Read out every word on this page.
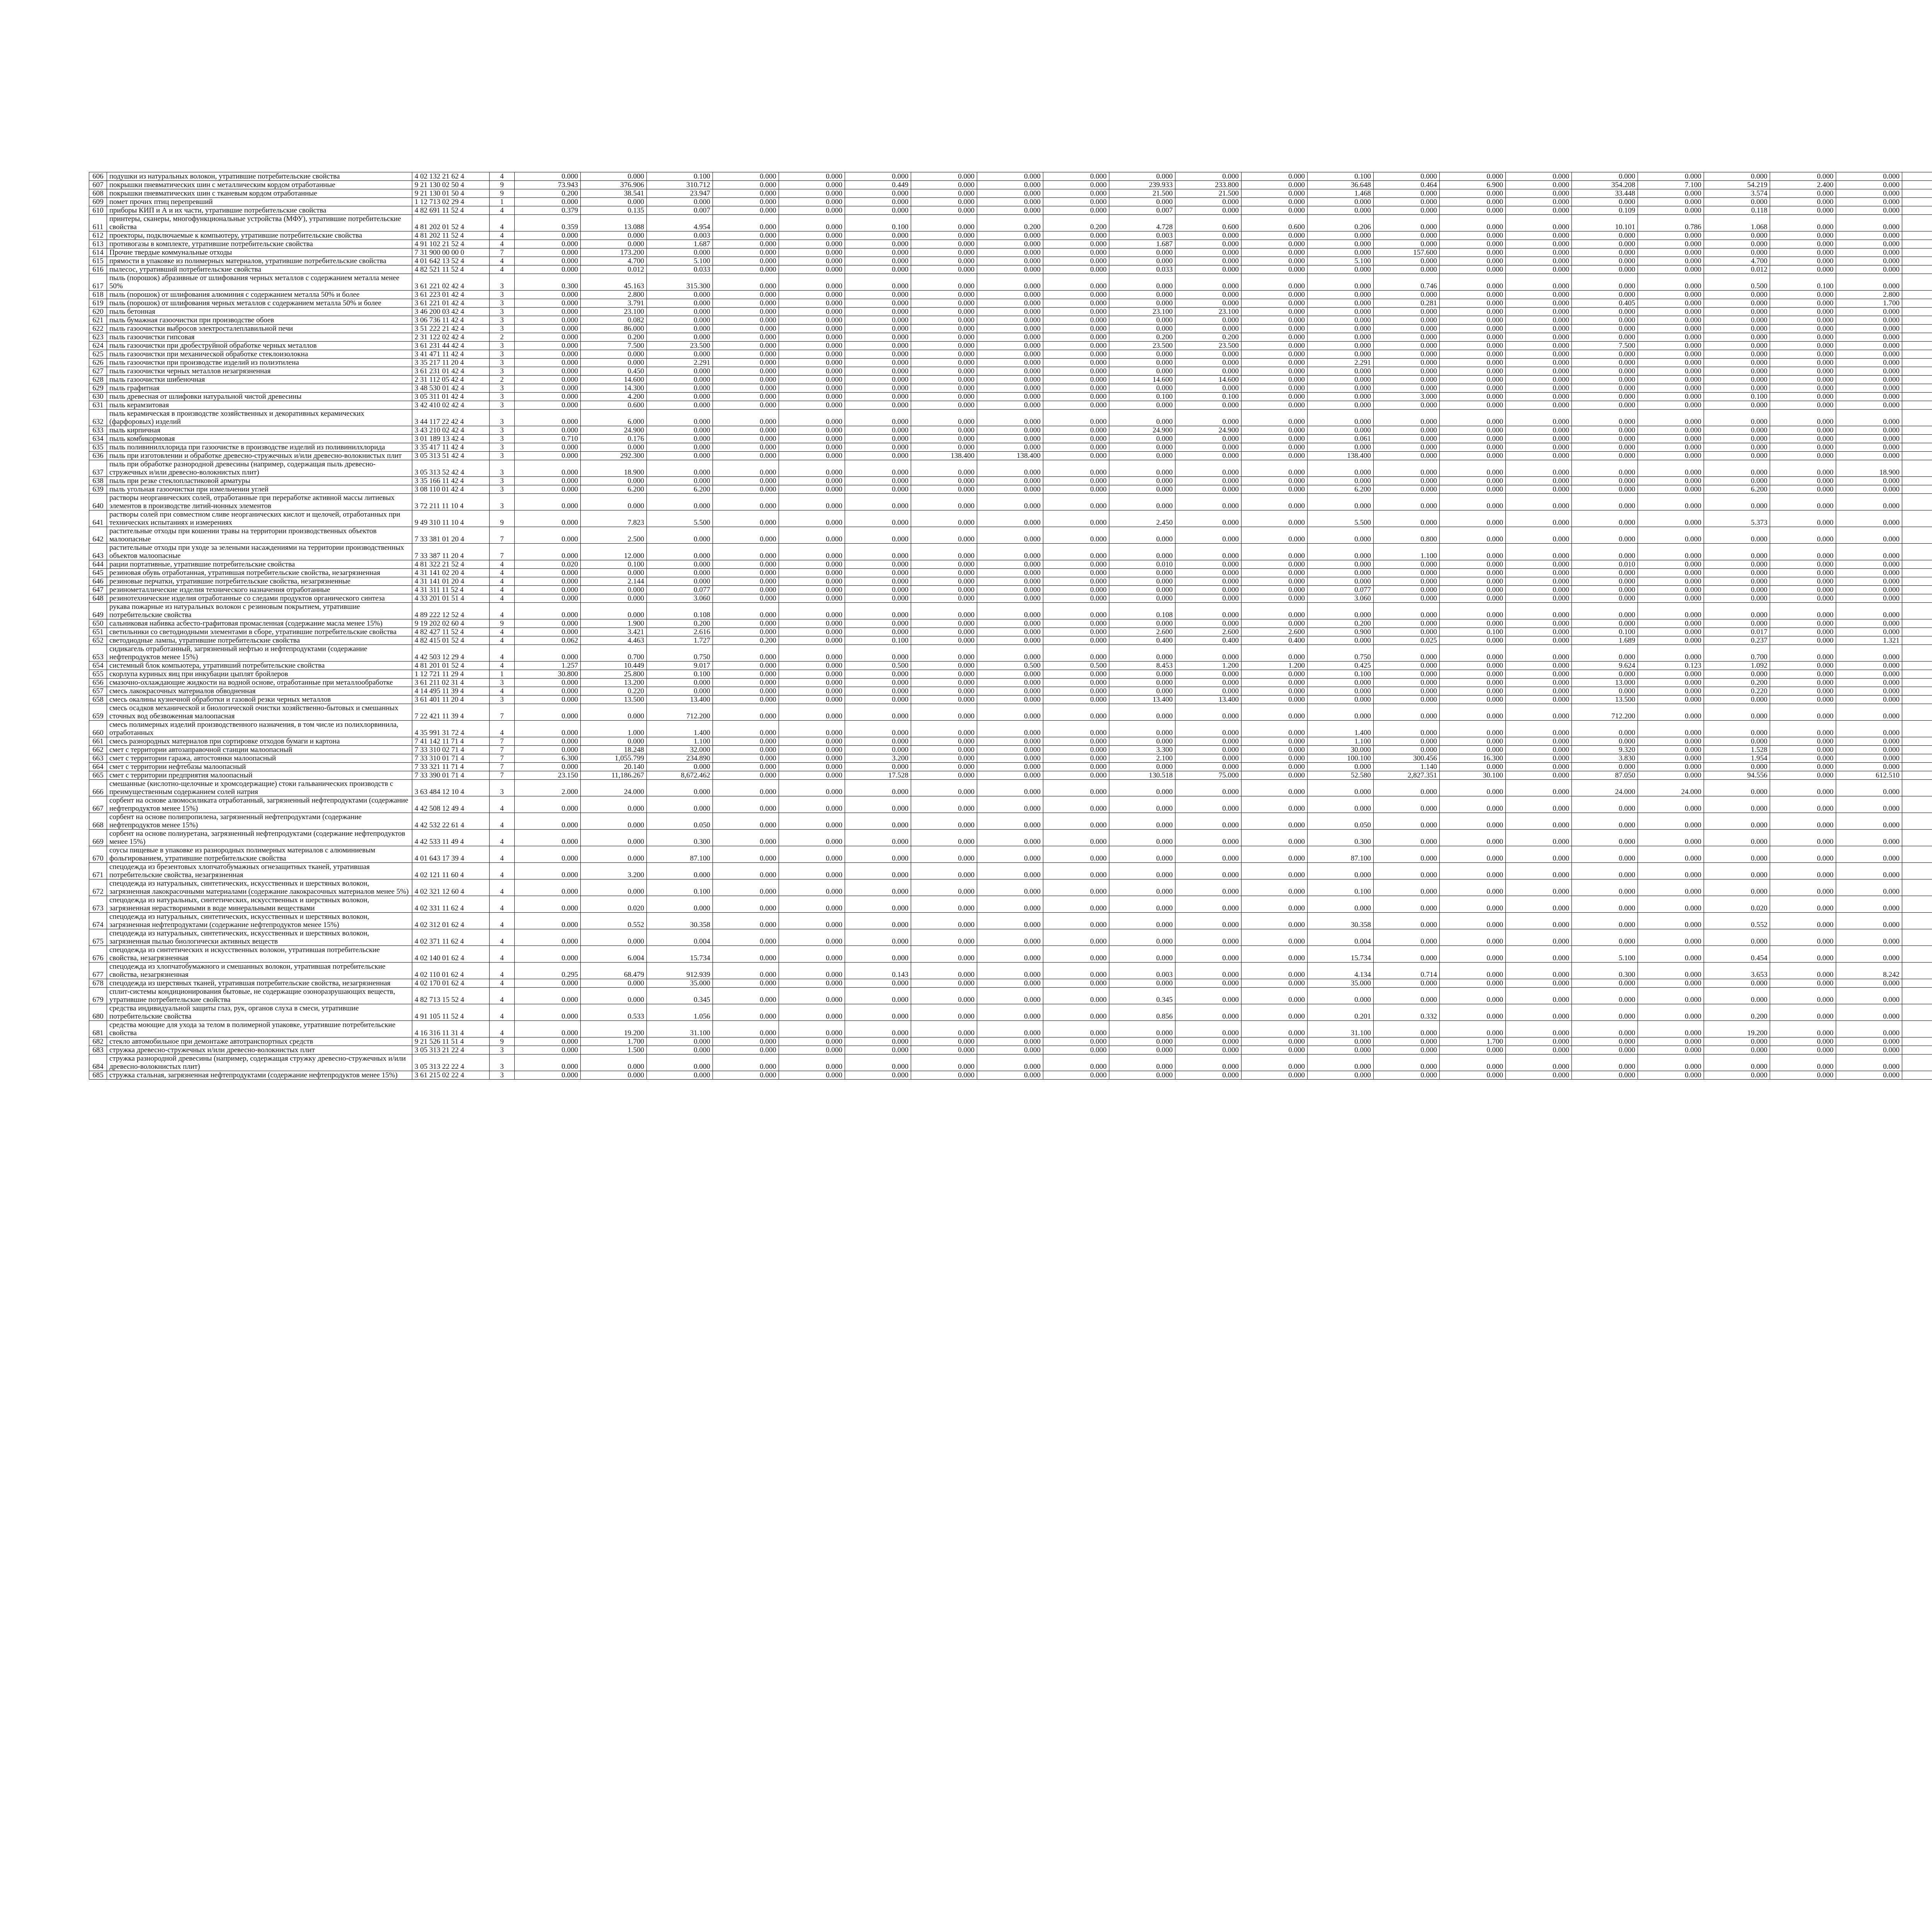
606	подушки из натуральных волокон, утратившие потребительские свойства	4 02 132 21 62 4	4	0.000	0.000	0.100	0.000	0.000	0.000	0.000	0.000	0.000	0.000	0.000	0.000	0.100	0.000	0.000	0.000	0.000	0.000	0.000	0.000	0.000									
607	покрышки пневматических шин с металлическим кордом отработанные	9 21 130 02 50 4	9	73.943	376.906	310.712	0.000	0.000	0.449	0.000	0.000	0.000	239.933	233.800	0.000	36.648	0.464	6.900	0.000	354.208	7.100	54.219	2.400	0.000									
608	покрышки пневматических шин с тканевым кордом отработанные	9 21 130 01 50 4	9	0.200	38.541	23.947	0.000	0.000	0.000	0.000	0.000	0.000	21.500	21.500	0.000	1.468	0.000	0.000	0.000	33.448	0.000	3.574	0.000	0.000									
609	помет прочих птиц перепревший	1 12 713 02 29 4	1	0.000	0.000	0.000	0.000	0.000	0.000	0.000	0.000	0.000	0.000	0.000	0.000	0.000	0.000	0.000	0.000	0.000	0.000	0.000	0.000	0.000									
610	приборы КИП и А и их части, утратившие потребительские свойства	4 82 691 11 52 4	4	0.379	0.135	0.007	0.000	0.000	0.000	0.000	0.000	0.000	0.007	0.000	0.000	0.000	0.000	0.000	0.000	0.109	0.000	0.118	0.000	0.000									
611	принтеры, сканеры, многофункциональные устройства (МФУ), утратившие потребительские свойства	4 81 202 01 52 4	4	0.359	13.088	4.954	0.000	0.000	0.100	0.000	0.200	0.200	4.728	0.600	0.600	0.206	0.000	0.000	0.000	10.101	0.786	1.068	0.000	0.000									
612	проекторы, подключаемые к компьютеру, утратившие потребительские свойства	4 81 202 11 52 4	4	0.000	0.000	0.003	0.000	0.000	0.000	0.000	0.000	0.000	0.003	0.000	0.000	0.000	0.000	0.000	0.000	0.000	0.000	0.000	0.000	0.000									
613	противогазы в комплекте, утратившие потребительские свойства	4 91 102 21 52 4	4	0.000	0.000	1.687	0.000	0.000	0.000	0.000	0.000	0.000	1.687	0.000	0.000	0.000	0.000	0.000	0.000	0.000	0.000	0.000	0.000	0.000									
614	Прочие твердые коммунальные отходы	7 31 900 00 00 0	7	0.000	173.200	0.000	0.000	0.000	0.000	0.000	0.000	0.000	0.000	0.000	0.000	0.000	157.600	0.000	0.000	0.000	0.000	0.000	0.000	0.000									
615	прямости в упаковке из полимерных материалов, утратившие потребительские свойства	4 01 642 13 52 4	4	0.000	4.700	5.100	0.000	0.000	0.000	0.000	0.000	0.000	0.000	0.000	0.000	5.100	0.000	0.000	0.000	0.000	0.000	4.700	0.000	0.000									
616	пылесос, утративший потребительские свойства	4 82 521 11 52 4	4	0.000	0.012	0.033	0.000	0.000	0.000	0.000	0.000	0.000	0.033	0.000	0.000	0.000	0.000	0.000	0.000	0.000	0.000	0.012	0.000	0.000									
617	пыль (порошок) абразивные от шлифования черных металлов с содержанием металла менее 50%	3 61 221 02 42 4	3	0.300	45.163	315.300	0.000	0.000	0.000	0.000	0.000	0.000	0.000	0.000	0.000	0.000	0.746	0.000	0.000	0.000	0.000	0.500	0.100	0.000									
618	пыль (порошок) от шлифования алюминия с содержанием металла 50% и более	3 61 223 01 42 4	3	0.000	2.800	0.000	0.000	0.000	0.000	0.000	0.000	0.000	0.000	0.000	0.000	0.000	0.000	0.000	0.000	0.000	0.000	0.000	0.000	2.800									
619	пыль (порошок) от шлифования черных металлов с содержанием металла 50% и более	3 61 221 01 42 4	3	0.000	3.791	0.000	0.000	0.000	0.000	0.000	0.000	0.000	0.000	0.000	0.000	0.000	0.281	0.000	0.000	0.405	0.000	0.000	0.000	1.700									
620	пыль бетонная	3 46 200 03 42 4	3	0.000	23.100	0.000	0.000	0.000	0.000	0.000	0.000	0.000	23.100	23.100	0.000	0.000	0.000	0.000	0.000	0.000	0.000	0.000	0.000	0.000									
621	пыль бумажная газоочистки при производстве обоев	3 06 736 11 42 4	3	0.000	0.082	0.000	0.000	0.000	0.000	0.000	0.000	0.000	0.000	0.000	0.000	0.000	0.000	0.000	0.000	0.000	0.000	0.000	0.000	0.000									
622	пыль газоочистки выбросов электросталеплавильной печи	3 51 222 21 42 4	3	0.000	86.000	0.000	0.000	0.000	0.000	0.000	0.000	0.000	0.000	0.000	0.000	0.000	0.000	0.000	0.000	0.000	0.000	0.000	0.000	0.000									
623	пыль газоочистки гипсовая	2 31 122 02 42 4	2	0.000	0.200	0.000	0.000	0.000	0.000	0.000	0.000	0.000	0.200	0.200	0.000	0.000	0.000	0.000	0.000	0.000	0.000	0.000	0.000	0.000									
624	пыль газоочистки при дробеструйной обработке черных металлов	3 61 231 44 42 4	3	0.000	7.500	23.500	0.000	0.000	0.000	0.000	0.000	0.000	23.500	23.500	0.000	0.000	0.000	0.000	0.000	7.500	0.000	0.000	0.000	0.000									
625	пыль газоочистки при механической обработке стеклоизолокна	3 41 471 11 42 4	3	0.000	0.000	0.000	0.000	0.000	0.000	0.000	0.000	0.000	0.000	0.000	0.000	0.000	0.000	0.000	0.000	0.000	0.000	0.000	0.000	0.000									
626	пыль газоочистки при производстве изделий из полиэтилена	3 35 217 11 20 4	3	0.000	0.000	2.291	0.000	0.000	0.000	0.000	0.000	0.000	0.000	0.000	0.000	2.291	0.000	0.000	0.000	0.000	0.000	0.000	0.000	0.000									
627	пыль газоочистки черных металлов незагрязненная	3 61 231 01 42 4	3	0.000	0.450	0.000	0.000	0.000	0.000	0.000	0.000	0.000	0.000	0.000	0.000	0.000	0.000	0.000	0.000	0.000	0.000	0.000	0.000	0.000									
628	пыль газоочистки шибеночная	2 31 112 05 42 4	2	0.000	14.600	0.000	0.000	0.000	0.000	0.000	0.000	0.000	14.600	14.600	0.000	0.000	0.000	0.000	0.000	0.000	0.000	0.000	0.000	0.000									
629	пыль графитная	3 48 530 01 42 4	3	0.000	14.300	0.000	0.000	0.000	0.000	0.000	0.000	0.000	0.000	0.000	0.000	0.000	0.000	0.000	0.000	0.000	0.000	0.000	0.000	0.000									
630	пыль древесная от шлифовки натуральной чистой древесины	3 05 311 01 42 4	3	0.000	4.200	0.000	0.000	0.000	0.000	0.000	0.000	0.000	0.100	0.100	0.000	0.000	3.000	0.000	0.000	0.000	0.000	0.100	0.000	0.000									
631	пыль керамзитовая	3 42 410 02 42 4	3	0.000	0.600	0.000	0.000	0.000	0.000	0.000	0.000	0.000	0.000	0.000	0.000	0.000	0.000	0.000	0.000	0.000	0.000	0.000	0.000	0.000									
632	пыль керамическая в производстве хозяйственных и декоративных керамических (фарфоровых) изделий	3 44 117 22 42 4	3	0.000	6.000	0.000	0.000	0.000	0.000	0.000	0.000	0.000	0.000	0.000	0.000	0.000	0.000	0.000	0.000	0.000	0.000	0.000	0.000	0.000									
633	пыль кирпичная	3 43 210 02 42 4	3	0.000	24.900	0.000	0.000	0.000	0.000	0.000	0.000	0.000	24.900	24.900	0.000	0.000	0.000	0.000	0.000	0.000	0.000	0.000	0.000	0.000									
634	пыль комбикормовая	3 01 189 13 42 4	3	0.710	0.176	0.000	0.000	0.000	0.000	0.000	0.000	0.000	0.000	0.000	0.000	0.061	0.000	0.000	0.000	0.000	0.000	0.000	0.000	0.000									
635	пыль поливинилхлорида при газоочистке в производстве изделий из поливинилхлорида	3 35 417 11 42 4	3	0.000	0.000	0.000	0.000	0.000	0.000	0.000	0.000	0.000	0.000	0.000	0.000	0.000	0.000	0.000	0.000	0.000	0.000	0.000	0.000	0.000									
636	пыль при изготовлении и обработке древесно-стружечных и/или древесно-волокнистых плит	3 05 313 51 42 4	3	0.000	292.300	0.000	0.000	0.000	0.000	138.400	138.400	0.000	0.000	0.000	0.000	138.400	0.000	0.000	0.000	0.000	0.000	0.000	0.000	0.000									
637	пыль при обработке разнородной древесины (например, содержащая пыль древесно-стружечных и/или древесно-волокнистых плит)	3 05 313 52 42 4	3	0.000	18.900	0.000	0.000	0.000	0.000	0.000	0.000	0.000	0.000	0.000	0.000	0.000	0.000	0.000	0.000	0.000	0.000	0.000	0.000	18.900									
638	пыль при резке стеклопластиковой арматуры	3 35 166 11 42 4	3	0.000	0.000	0.000	0.000	0.000	0.000	0.000	0.000	0.000	0.000	0.000	0.000	0.000	0.000	0.000	0.000	0.000	0.000	0.000	0.000	0.000									
639	пыль угольная газоочистки при измельчении углей	3 08 110 01 42 4	3	0.000	6.200	6.200	0.000	0.000	0.000	0.000	0.000	0.000	0.000	0.000	0.000	6.200	0.000	0.000	0.000	0.000	0.000	6.200	0.000	0.000									
640	растворы неорганических солей, отработанные при переработке активной массы литиевых элементов в производстве литий-ионных элементов	3 72 211 11 10 4	3	0.000	0.000	0.000	0.000	0.000	0.000	0.000	0.000	0.000	0.000	0.000	0.000	0.000	0.000	0.000	0.000	0.000	0.000	0.000	0.000	0.000									
641	растворы солей при совместном сливе неорганических кислот и щелочей, отработанных при технических испытаниях и измерениях	9 49 310 11 10 4	9	0.000	7.823	5.500	0.000	0.000	0.000	0.000	0.000	0.000	2.450	0.000	0.000	5.500	0.000	0.000	0.000	0.000	0.000	5.373	0.000	0.000									
642	растительные отходы при кошении травы на территории производственных объектов малоопасные	7 33 381 01 20 4	7	0.000	2.500	0.000	0.000	0.000	0.000	0.000	0.000	0.000	0.000	0.000	0.000	0.000	0.800	0.000	0.000	0.000	0.000	0.000	0.000	0.000									
643	растительные отходы при уходе за зелеными насаждениями на территории производственных объектов малоопасные	7 33 387 11 20 4	7	0.000	12.000	0.000	0.000	0.000	0.000	0.000	0.000	0.000	0.000	0.000	0.000	0.000	1.100	0.000	0.000	0.000	0.000	0.000	0.000	0.000									
644	рации портативные, утратившие потребительские свойства	4 81 322 21 52 4	4	0.020	0.100	0.000	0.000	0.000	0.000	0.000	0.000	0.000	0.010	0.000	0.000	0.000	0.000	0.000	0.000	0.010	0.000	0.000	0.000	0.000									
645	резиновая обувь отработанная, утратившая потребительские свойства, незагрязненная	4 31 141 02 20 4	4	0.000	0.000	0.000	0.000	0.000	0.000	0.000	0.000	0.000	0.000	0.000	0.000	0.000	0.000	0.000	0.000	0.000	0.000	0.000	0.000	0.000									
646	резиновые перчатки, утратившие потребительские свойства, незагрязненные	4 31 141 01 20 4	4	0.000	2.144	0.000	0.000	0.000	0.000	0.000	0.000	0.000	0.000	0.000	0.000	0.000	0.000	0.000	0.000	0.000	0.000	0.000	0.000	0.000									
647	резинометаллические изделия технического назначения отработанные	4 31 311 11 52 4	4	0.000	0.000	0.077	0.000	0.000	0.000	0.000	0.000	0.000	0.000	0.000	0.000	0.077	0.000	0.000	0.000	0.000	0.000	0.000	0.000	0.000									
648	резинотехнические изделия отработанные со следами продуктов органического синтеза	4 33 201 01 51 4	4	0.000	0.000	3.060	0.000	0.000	0.000	0.000	0.000	0.000	0.000	0.000	0.000	3.060	0.000	0.000	0.000	0.000	0.000	0.000	0.000	0.000									
649	рукава пожарные из натуральных волокон с резиновым покрытием, утратившие потребительские свойства	4 89 222 12 52 4	4	0.000	0.000	0.108	0.000	0.000	0.000	0.000	0.000	0.000	0.108	0.000	0.000	0.000	0.000	0.000	0.000	0.000	0.000	0.000	0.000	0.000									
650	сальниковая набивка асбесто-графитовая промасленная (содержание масла менее 15%)	9 19 202 02 60 4	9	0.000	1.900	0.200	0.000	0.000	0.000	0.000	0.000	0.000	0.000	0.000	0.000	0.200	0.000	0.000	0.000	0.000	0.000	0.000	0.000	0.000									
651	светильники со светодиодными элементами в сборе, утратившие потребительские свойства	4 82 427 11 52 4	4	0.000	3.421	2.616	0.000	0.000	0.000	0.000	0.000	0.000	2.600	2.600	2.600	0.900	0.000	0.100	0.000	0.100	0.000	0.017	0.000	0.000									
652	светодиодные лампы, утратившие потребительские свойства	4 82 415 01 52 4	4	0.062	4.463	1.727	0.200	0.000	0.100	0.000	0.000	0.000	0.400	0.400	0.400	0.000	0.025	0.000	0.000	1.689	0.000	0.237	0.000	1.321									
653	сидикагель отработанный, загрязненный нефтью и нефтепродуктами (содержание нефтепродуктов менее 15%)	4 42 503 12 29 4	4	0.000	0.700	0.750	0.000	0.000	0.000	0.000	0.000	0.000	0.000	0.000	0.000	0.750	0.000	0.000	0.000	0.000	0.000	0.700	0.000	0.000									
654	системный блок компьютера, утративший потребительские свойства	4 81 201 01 52 4	4	1.257	10.449	9.017	0.000	0.000	0.500	0.000	0.500	0.500	8.453	1.200	1.200	0.425	0.000	0.000	0.000	9.624	0.123	1.092	0.000	0.000									
655	скорлупа куриных яиц при инкубации цыплят бройлеров	1 12 721 11 29 4	1	30.800	25.800	0.100	0.000	0.000	0.000	0.000	0.000	0.000	0.000	0.000	0.000	0.100	0.000	0.000	0.000	0.000	0.000	0.000	0.000	0.000									
656	смазочно-охлаждающие жидкости на водной основе, отработанные при металлообработке	3 61 211 02 31 4	3	0.000	13.200	0.000	0.000	0.000	0.000	0.000	0.000	0.000	0.000	0.000	0.000	0.000	0.000	0.000	0.000	13.000	0.000	0.200	0.000	0.000									
657	смесь лакокрасочных материалов обводненная	4 14 495 11 39 4	4	0.000	0.220	0.000	0.000	0.000	0.000	0.000	0.000	0.000	0.000	0.000	0.000	0.000	0.000	0.000	0.000	0.000	0.000	0.220	0.000	0.000									
658	смесь окалины кузнечной обработки и газовой резки черных металлов	3 61 401 11 20 4	3	0.000	13.500	13.400	0.000	0.000	0.000	0.000	0.000	0.000	13.400	13.400	0.000	0.000	0.000	0.000	0.000	13.500	0.000	0.000	0.000	0.000									
659	смесь осадков механической и биологической очистки хозяйственно-бытовых и смешанных сточных вод обезвоженная малоопасная	7 22 421 11 39 4	7	0.000	0.000	712.200	0.000	0.000	0.000	0.000	0.000	0.000	0.000	0.000	0.000	0.000	0.000	0.000	0.000	712.200	0.000	0.000	0.000	0.000									
660	смесь полимерных изделий производственного назначения, в том числе из полихлорвинила, отработанных	4 35 991 31 72 4	4	0.000	1.000	1.400	0.000	0.000	0.000	0.000	0.000	0.000	0.000	0.000	0.000	1.400	0.000	0.000	0.000	0.000	0.000	0.000	0.000	0.000									
661	смесь разнородных материалов при сортировке отходов бумаги и картона	7 41 142 11 71 4	7	0.000	0.000	1.100	0.000	0.000	0.000	0.000	0.000	0.000	0.000	0.000	0.000	1.100	0.000	0.000	0.000	0.000	0.000	0.000	0.000	0.000									
662	смет с территории автозаправочной станции малоопасный	7 33 310 02 71 4	7	0.000	18.248	32.000	0.000	0.000	0.000	0.000	0.000	0.000	3.300	0.000	0.000	30.000	0.000	0.000	0.000	9.320	0.000	1.528	0.000	0.000									
663	смет с территории гаража, автостоянки малоопасный	7 33 310 01 71 4	7	6.300	1,055.799	234.890	0.000	0.000	3.200	0.000	0.000	0.000	2.100	0.000	0.000	100.100	300.456	16.300	0.000	3.830	0.000	1.954	0.000	0.000									
664	смет с территории нефтебазы малоопасный	7 33 321 11 71 4	7	0.000	20.140	0.000	0.000	0.000	0.000	0.000	0.000	0.000	0.000	0.000	0.000	0.000	1.140	0.000	0.000	0.000	0.000	0.000	0.000	0.000									
665	смет с территории предприятия малоопасный	7 33 390 01 71 4	7	23.150	11,186.267	8,672.462	0.000	0.000	17.528	0.000	0.000	0.000	130.518	75.000	0.000	52.580	2,827.351	30.100	0.000	87.050	0.000	94.556	0.000	612.510									
666	смешанные (кислотно-щелочные и хромсодержащие) стоки гальванических производств с преимущественным содержанием солей натрия	3 63 484 12 10 4	3	2.000	24.000	0.000	0.000	0.000	0.000	0.000	0.000	0.000	0.000	0.000	0.000	0.000	0.000	0.000	0.000	24.000	24.000	0.000	0.000	0.000									
667	сорбент на основе алюмосиликата отработанный, загрязненный нефтепродуктами (содержание нефтепродуктов менее 15%)	4 42 508 12 49 4	4	0.000	0.000	0.000	0.000	0.000	0.000	0.000	0.000	0.000	0.000	0.000	0.000	0.000	0.000	0.000	0.000	0.000	0.000	0.000	0.000	0.000									
668	сорбент на основе полипропилена, загрязненный нефтепродуктами (содержание нефтепродуктов менее 15%)	4 42 532 22 61 4	4	0.000	0.000	0.050	0.000	0.000	0.000	0.000	0.000	0.000	0.000	0.000	0.000	0.050	0.000	0.000	0.000	0.000	0.000	0.000	0.000	0.000									
669	сорбент на основе полиуретана, загрязненный нефтепродуктами (содержание нефтепродуктов менее 15%)	4 42 533 11 49 4	4	0.000	0.000	0.300	0.000	0.000	0.000	0.000	0.000	0.000	0.000	0.000	0.000	0.300	0.000	0.000	0.000	0.000	0.000	0.000	0.000	0.000									
670	соусы пищевые в упаковке из разнородных полимерных материалов с алюминиевым фольгированием, утратившие потребительские свойства	4 01 643 17 39 4	4	0.000	0.000	87.100	0.000	0.000	0.000	0.000	0.000	0.000	0.000	0.000	0.000	87.100	0.000	0.000	0.000	0.000	0.000	0.000	0.000	0.000									
671	спецодежда из брезентовых хлопчатобумажных огнезащитных тканей, утратившая потребительские свойства, незагрязненная	4 02 121 11 60 4	4	0.000	3.200	0.000	0.000	0.000	0.000	0.000	0.000	0.000	0.000	0.000	0.000	0.000	0.000	0.000	0.000	0.000	0.000	0.000	0.000	0.000									
672	спецодежда из натуральных, синтетических, искусственных и шерстяных волокон, загрязненная лакокрасочными материалами (содержание лакокрасочных материалов менее 5%)	4 02 321 12 60 4	4	0.000	0.000	0.100	0.000	0.000	0.000	0.000	0.000	0.000	0.000	0.000	0.000	0.100	0.000	0.000	0.000	0.000	0.000	0.000	0.000	0.000									
673	спецодежда из натуральных, синтетических, искусственных и шерстяных волокон, загрязненная нерастворимыми в воде минеральными веществами	4 02 331 11 62 4	4	0.000	0.020	0.000	0.000	0.000	0.000	0.000	0.000	0.000	0.000	0.000	0.000	0.000	0.000	0.000	0.000	0.000	0.000	0.020	0.000	0.000									
674	спецодежда из натуральных, синтетических, искусственных и шерстяных волокон, загрязненная нефтепродуктами (содержание нефтепродуктов менее 15%)	4 02 312 01 62 4	4	0.000	0.552	30.358	0.000	0.000	0.000	0.000	0.000	0.000	0.000	0.000	0.000	30.358	0.000	0.000	0.000	0.000	0.000	0.552	0.000	0.000									
675	спецодежда из натуральных, синтетических, искусственных и шерстяных волокон, загрязненная пылью биологически активных веществ	4 02 371 11 62 4	4	0.000	0.000	0.004	0.000	0.000	0.000	0.000	0.000	0.000	0.000	0.000	0.000	0.004	0.000	0.000	0.000	0.000	0.000	0.000	0.000	0.000									
676	спецодежда из синтетических и искусственных волокон, утратившая потребительские свойства, незагрязненная	4 02 140 01 62 4	4	0.000	6.004	15.734	0.000	0.000	0.000	0.000	0.000	0.000	0.000	0.000	0.000	15.734	0.000	0.000	0.000	5.100	0.000	0.454	0.000	0.000									
677	спецодежда из хлопчатобумажного и смешанных волокон, утратившая потребительские свойства, незагрязненная	4 02 110 01 62 4	4	0.295	68.479	912.939	0.000	0.000	0.143	0.000	0.000	0.000	0.003	0.000	0.000	4.134	0.714	0.000	0.000	0.300	0.000	3.653	0.000	8.242									
678	спецодежда из шерстяных тканей, утратившая потребительские свойства, незагрязненная	4 02 170 01 62 4	4	0.000	0.000	35.000	0.000	0.000	0.000	0.000	0.000	0.000	0.000	0.000	0.000	35.000	0.000	0.000	0.000	0.000	0.000	0.000	0.000	0.000									
679	сплит-системы кондиционирования бытовые, не содержащие озоноразрушающих веществ, утратившие потребительские свойства	4 82 713 15 52 4	4	0.000	0.000	0.345	0.000	0.000	0.000	0.000	0.000	0.000	0.345	0.000	0.000	0.000	0.000	0.000	0.000	0.000	0.000	0.000	0.000	0.000									
680	средства индивидуальной защиты глаз, рук, органов слуха в смеси, утратившие потребительские свойства	4 91 105 11 52 4	4	0.000	0.533	1.056	0.000	0.000	0.000	0.000	0.000	0.000	0.856	0.000	0.000	0.201	0.332	0.000	0.000	0.000	0.000	0.200	0.000	0.000									
681	средства моющие для ухода за телом в полимерной упаковке, утратившие потребительские свойства	4 16 316 11 31 4	4	0.000	19.200	31.100	0.000	0.000	0.000	0.000	0.000	0.000	0.000	0.000	0.000	31.100	0.000	0.000	0.000	0.000	0.000	19.200	0.000	0.000									
682	стекло автомобильное при демонтаже автотранспортных средств	9 21 526 11 51 4	9	0.000	1.700	0.000	0.000	0.000	0.000	0.000	0.000	0.000	0.000	0.000	0.000	0.000	0.000	1.700	0.000	0.000	0.000	0.000	0.000	0.000									
683	стружка древесно-стружечных и/или древесно-волокнистых плит	3 05 313 21 22 4	3	0.000	1.500	0.000	0.000	0.000	0.000	0.000	0.000	0.000	0.000	0.000	0.000	0.000	0.000	0.000	0.000	0.000	0.000	0.000	0.000	0.000									
684	стружка разнородной древесины (например, содержащая стружку древесно-стружечных и/или древесно-волокнистых плит)	3 05 313 22 22 4	3	0.000	0.000	0.000	0.000	0.000	0.000	0.000	0.000	0.000	0.000	0.000	0.000	0.000	0.000	0.000	0.000	0.000	0.000	0.000	0.000	0.000									
685	стружка стальная, загрязненная нефтепродуктами (содержание нефтепродуктов менее 15%)	3 61 215 02 22 4	3	0.000	0.000	0.000	0.000	0.000	0.000	0.000	0.000	0.000	0.000	0.000	0.000	0.000	0.000	0.000	0.000	0.000	0.000	0.000	0.000	0.000									
